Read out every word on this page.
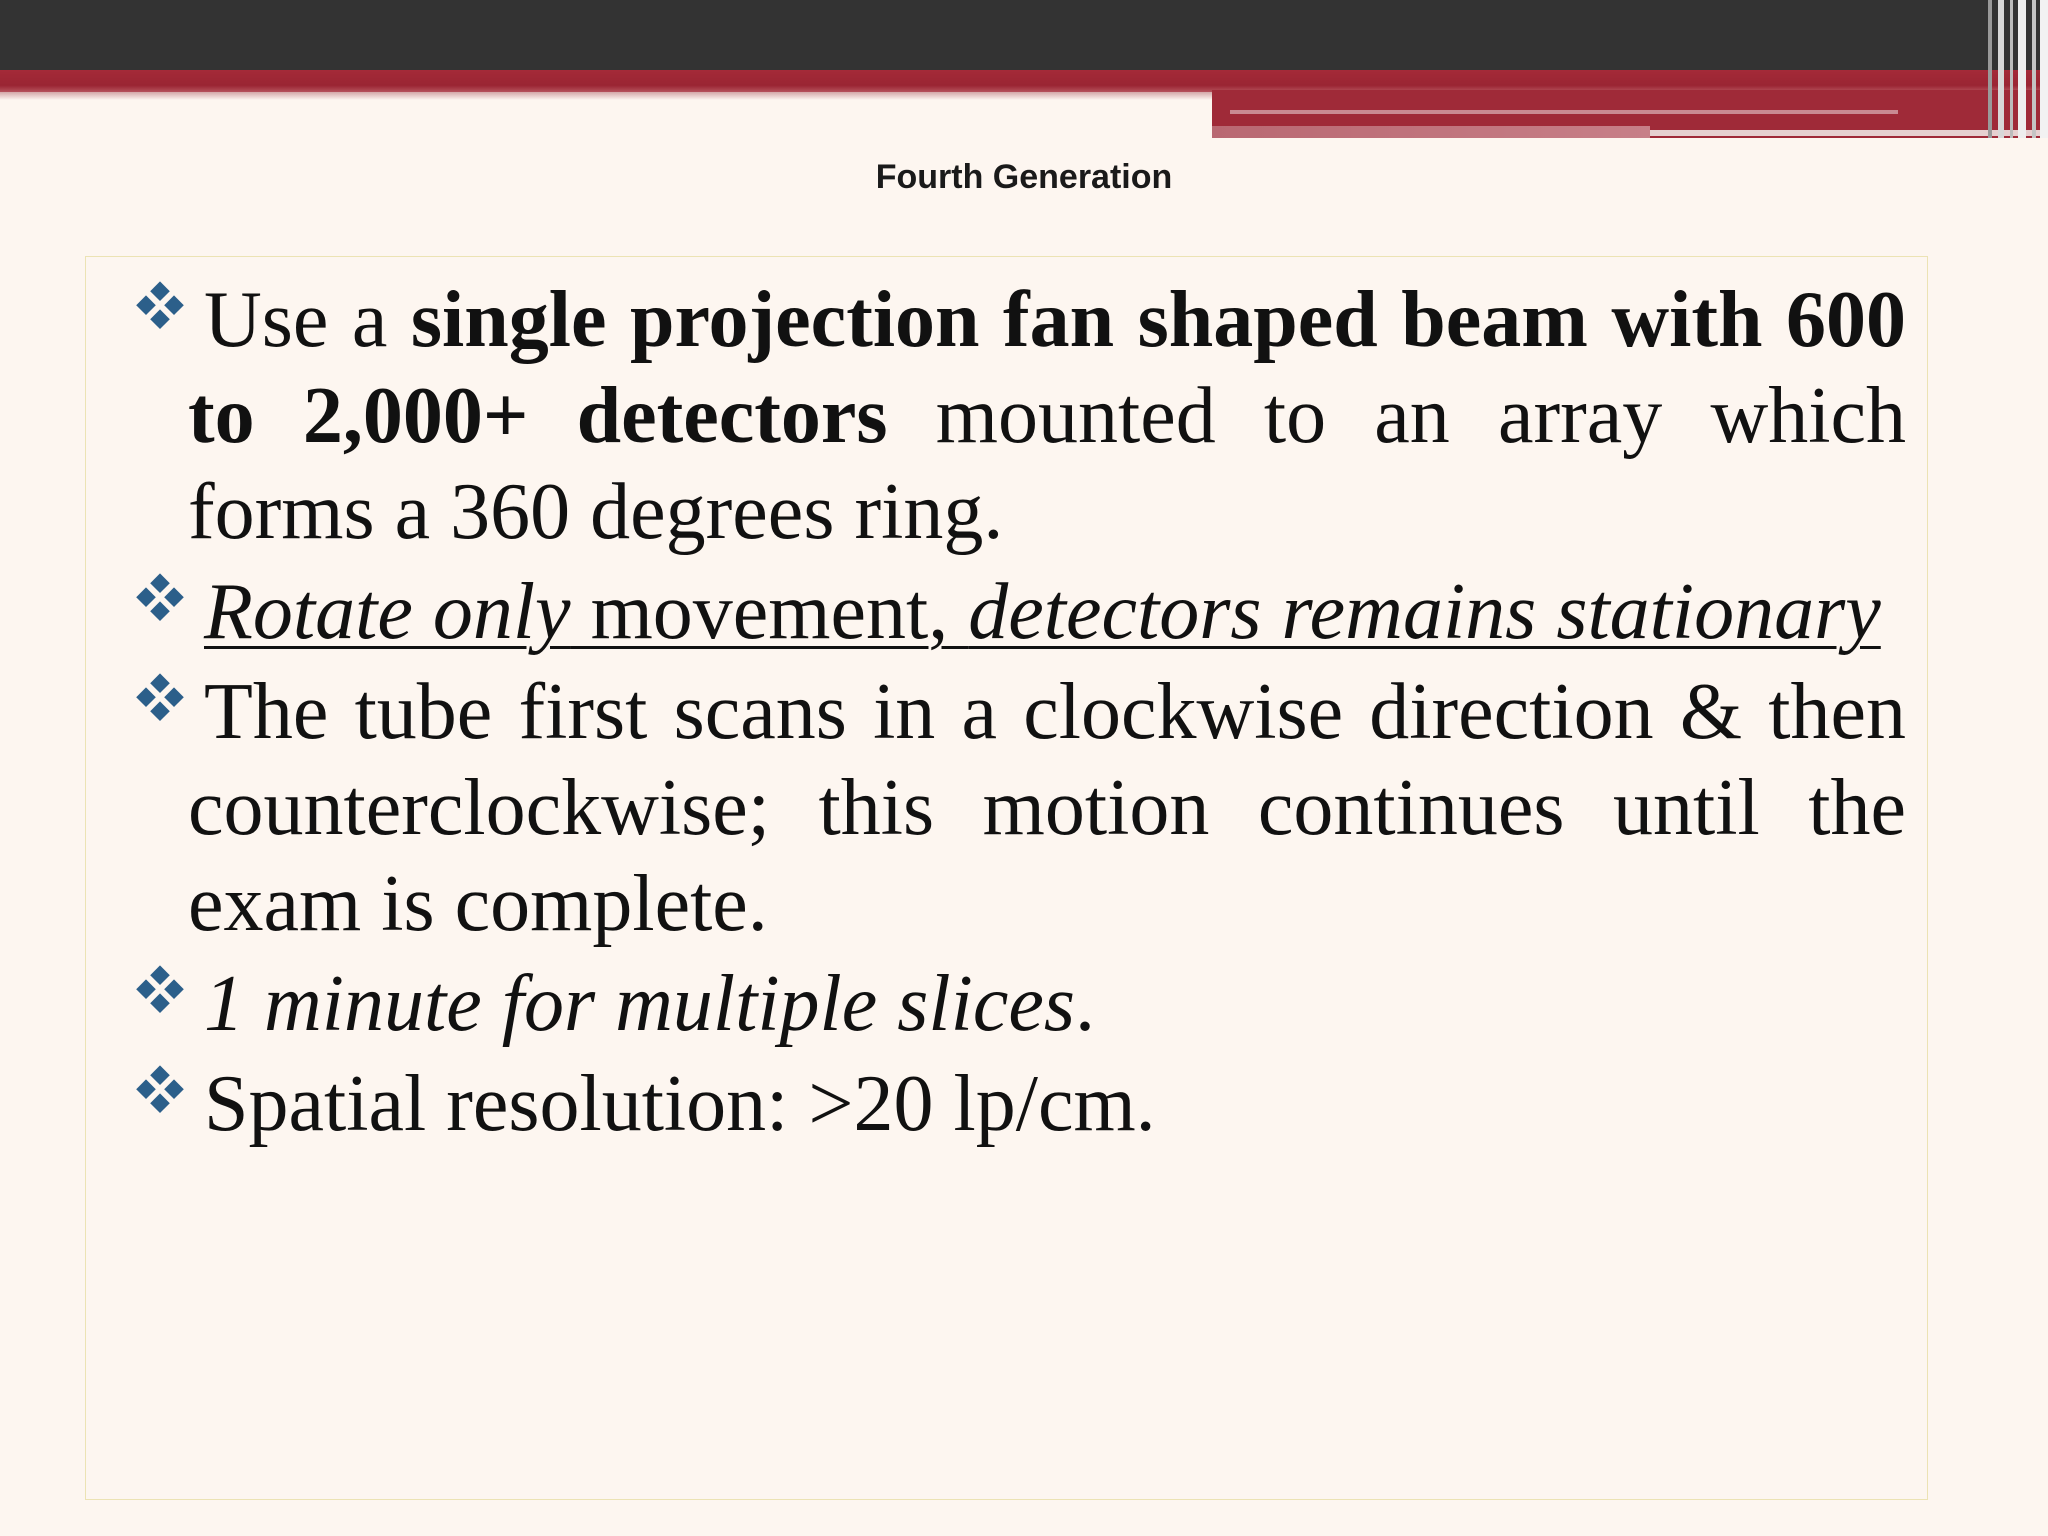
Fourth Generation
Use a single projection fan shaped beam with 600 to 2,000+ detectors mounted to an array which forms a 360 degrees ring.
Rotate only movement, detectors remains stationary
The tube first scans in a clockwise direction & then counterclockwise; this motion continues until the exam is complete.
1 minute for multiple slices.
Spatial resolution: >20 lp/cm.
